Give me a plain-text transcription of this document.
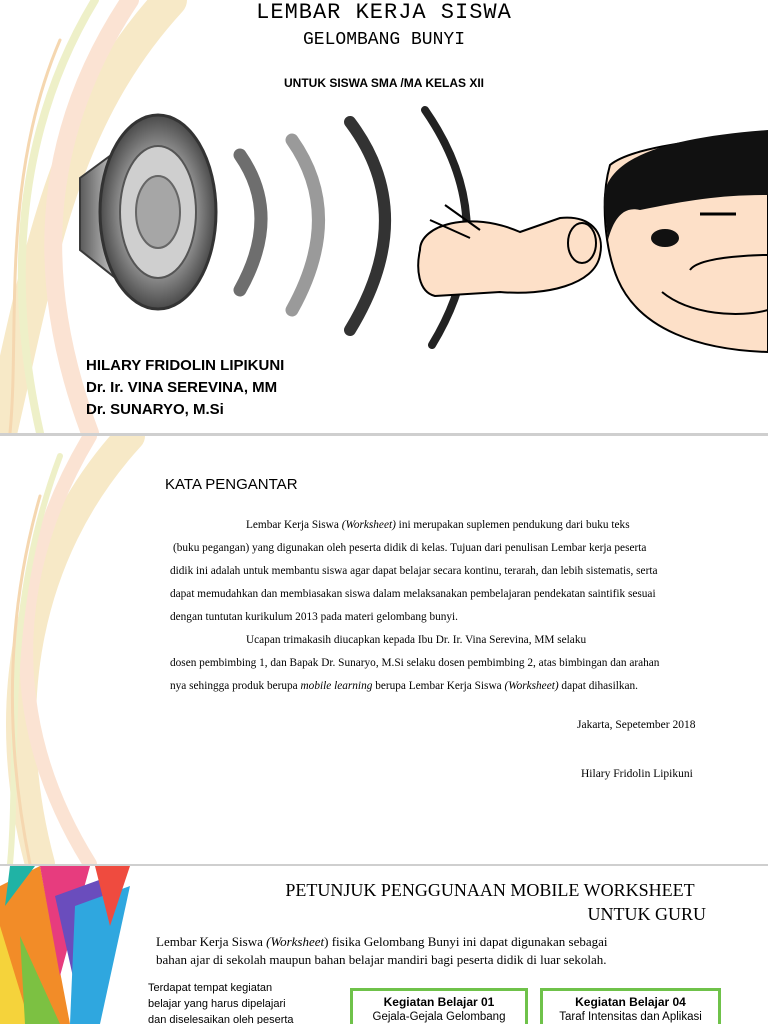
LEMBAR KERJA SISWA
GELOMBANG BUNYI
UNTUK SISWA SMA /MA KELAS XII
HILARY FRIDOLIN LIPIKUNI
Dr. Ir. VINA SEREVINA, MM
Dr. SUNARYO, M.Si
KATA PENGANTAR
Lembar Kerja Siswa (Worksheet) ini merupakan suplemen pendukung dari buku teks
(buku pegangan) yang digunakan oleh peserta didik di kelas. Tujuan dari penulisan Lembar kerja peserta
didik ini adalah untuk membantu siswa agar dapat belajar secara kontinu, terarah, dan lebih sistematis, serta
dapat memudahkan dan membiasakan siswa dalam melaksanakan pembelajaran pendekatan saintifik sesuai
dengan tuntutan kurikulum 2013 pada materi gelombang bunyi.
Ucapan trimakasih diucapkan kepada Ibu Dr. Ir. Vina Serevina, MM selaku
dosen pembimbing 1, dan Bapak Dr. Sunaryo, M.Si selaku dosen pembimbing 2, atas bimbingan dan arahan
nya sehingga produk berupa mobile learning berupa Lembar Kerja Siswa (Worksheet) dapat dihasilkan.
Jakarta, Sepetember 2018
Hilary Fridolin Lipikuni
PETUNJUK PENGGUNAAN MOBILE WORKSHEET
UNTUK GURU
Lembar Kerja Siswa (Worksheet) fisika Gelombang Bunyi ini dapat digunakan sebagai
bahan ajar di sekolah maupun bahan belajar mandiri bagi peserta didik di luar sekolah.
Terdapat tempat kegiatan
belajar yang harus dipelajari
dan diselesaikan oleh peserta
Kegiatan Belajar 01
Gejala-Gejala Gelombang
Kegiatan Belajar 04
Taraf Intensitas dan Aplikasi
